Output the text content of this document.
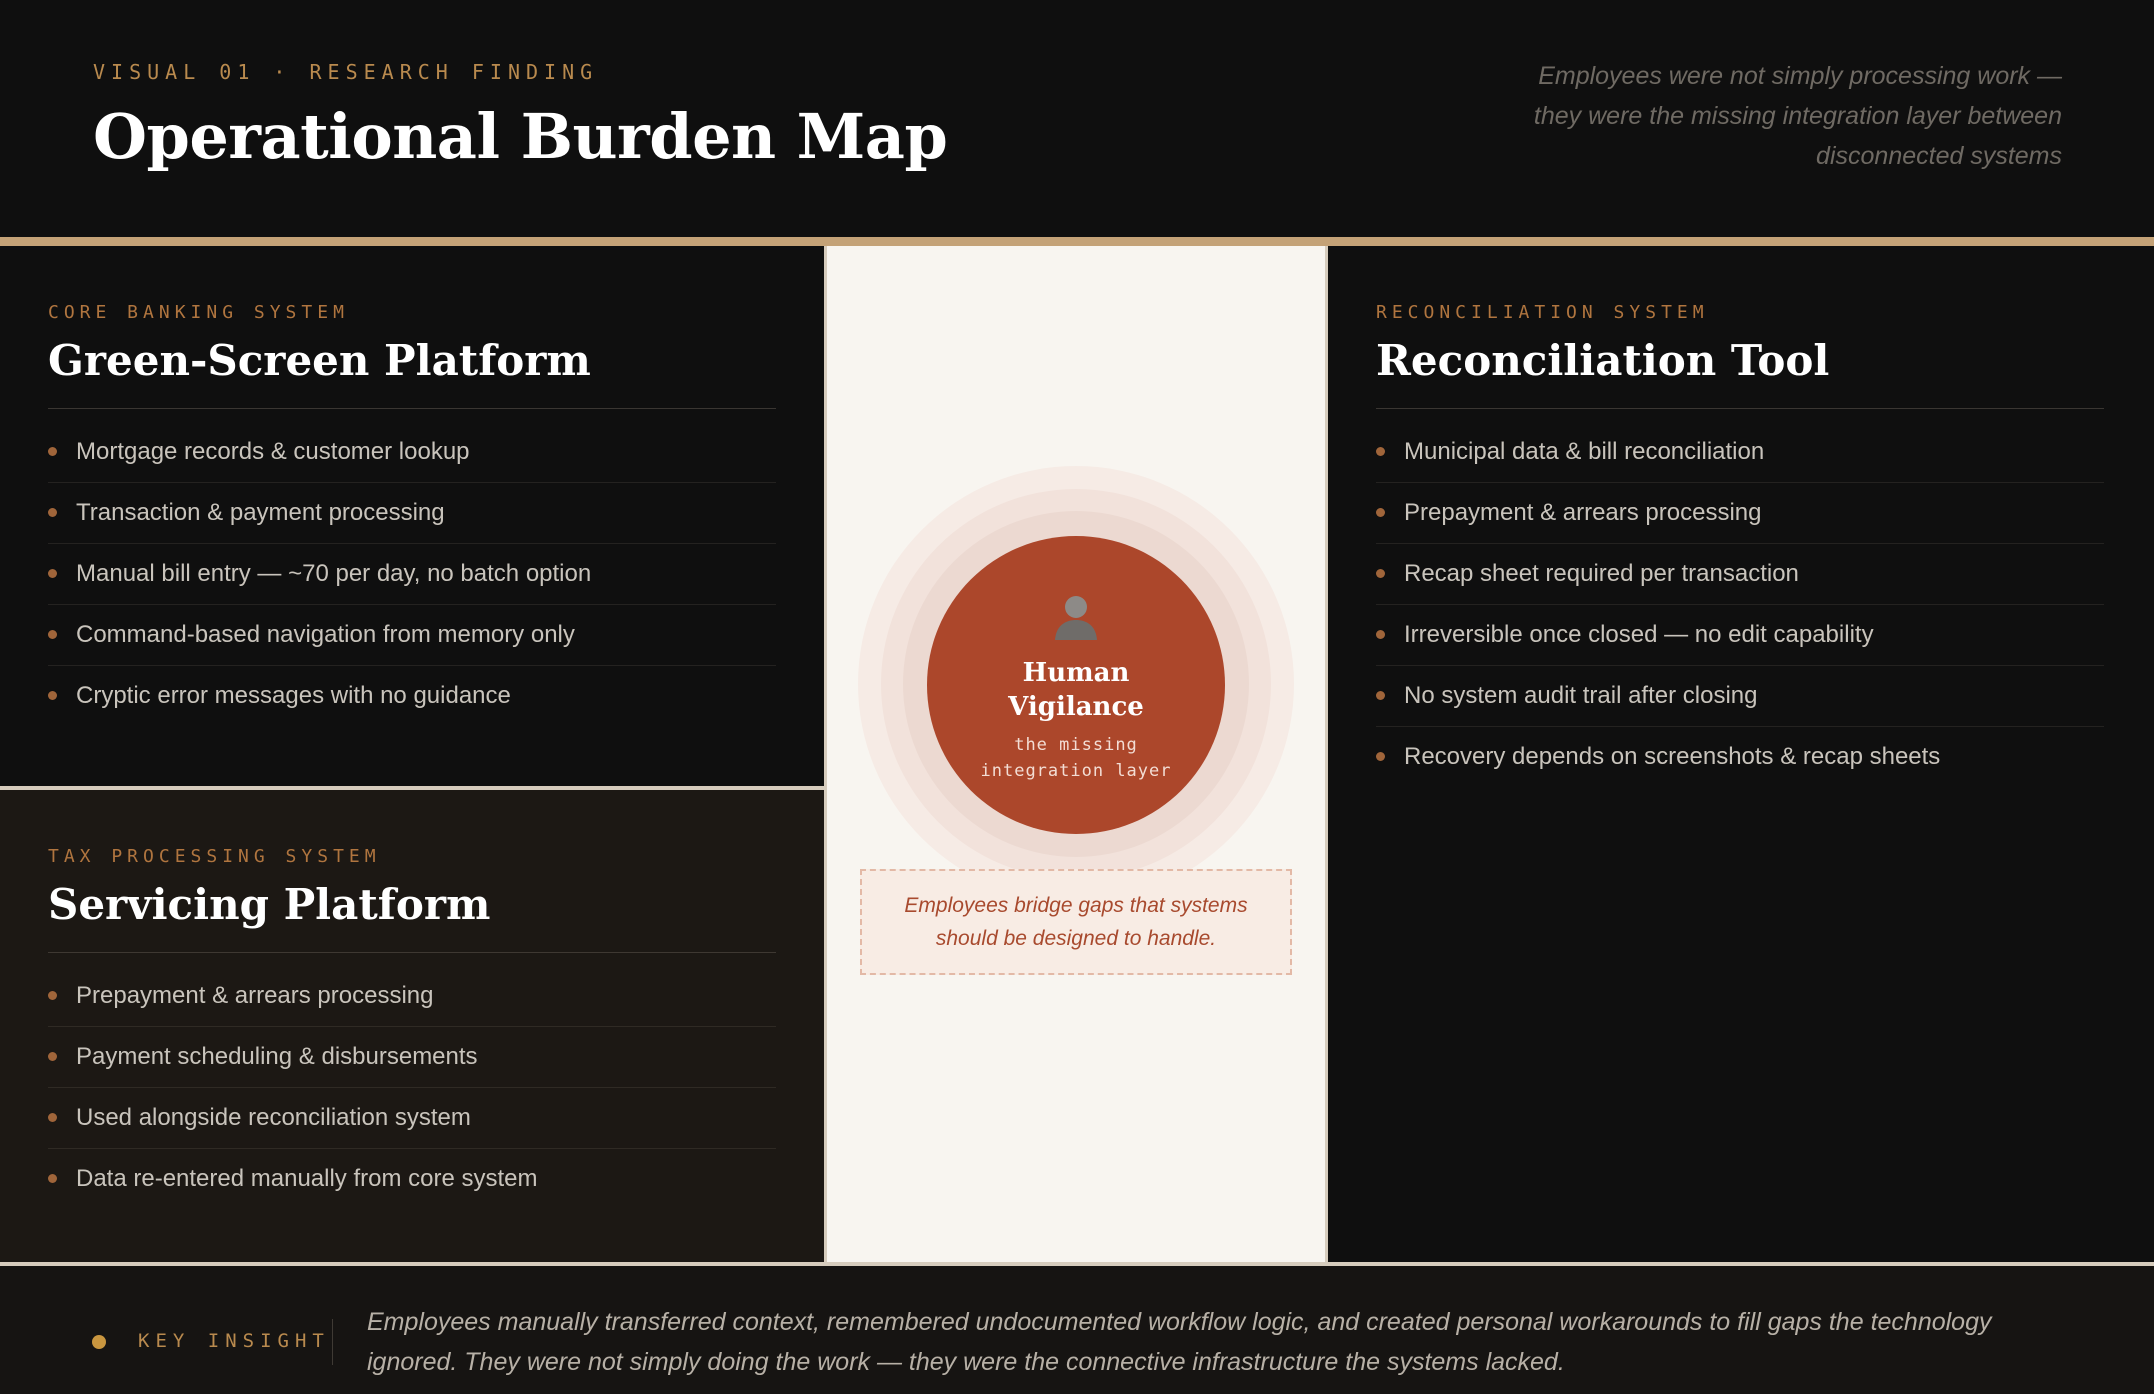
VISUAL 01 · RESEARCH FINDING
Operational Burden Map
Employees were not simply processing work — they were the missing integration layer between disconnected systems
CORE BANKING SYSTEM
Green-Screen Platform
Mortgage records & customer lookup
Transaction & payment processing
Manual bill entry — ~70 per day, no batch option
Command-based navigation from memory only
Cryptic error messages with no guidance
TAX PROCESSING SYSTEM
Servicing Platform
Prepayment & arrears processing
Payment scheduling & disbursements
Used alongside reconciliation system
Data re-entered manually from core system
Human
Vigilance
the missing
integration layer
Employees bridge gaps that systems should be designed to handle.
RECONCILIATION SYSTEM
Reconciliation Tool
Municipal data & bill reconciliation
Prepayment & arrears processing
Recap sheet required per transaction
Irreversible once closed — no edit capability
No system audit trail after closing
Recovery depends on screenshots & recap sheets
KEY INSIGHT
Employees manually transferred context, remembered undocumented workflow logic, and created personal workarounds to fill gaps the technology ignored. They were not simply doing the work — they were the connective infrastructure the systems lacked.
